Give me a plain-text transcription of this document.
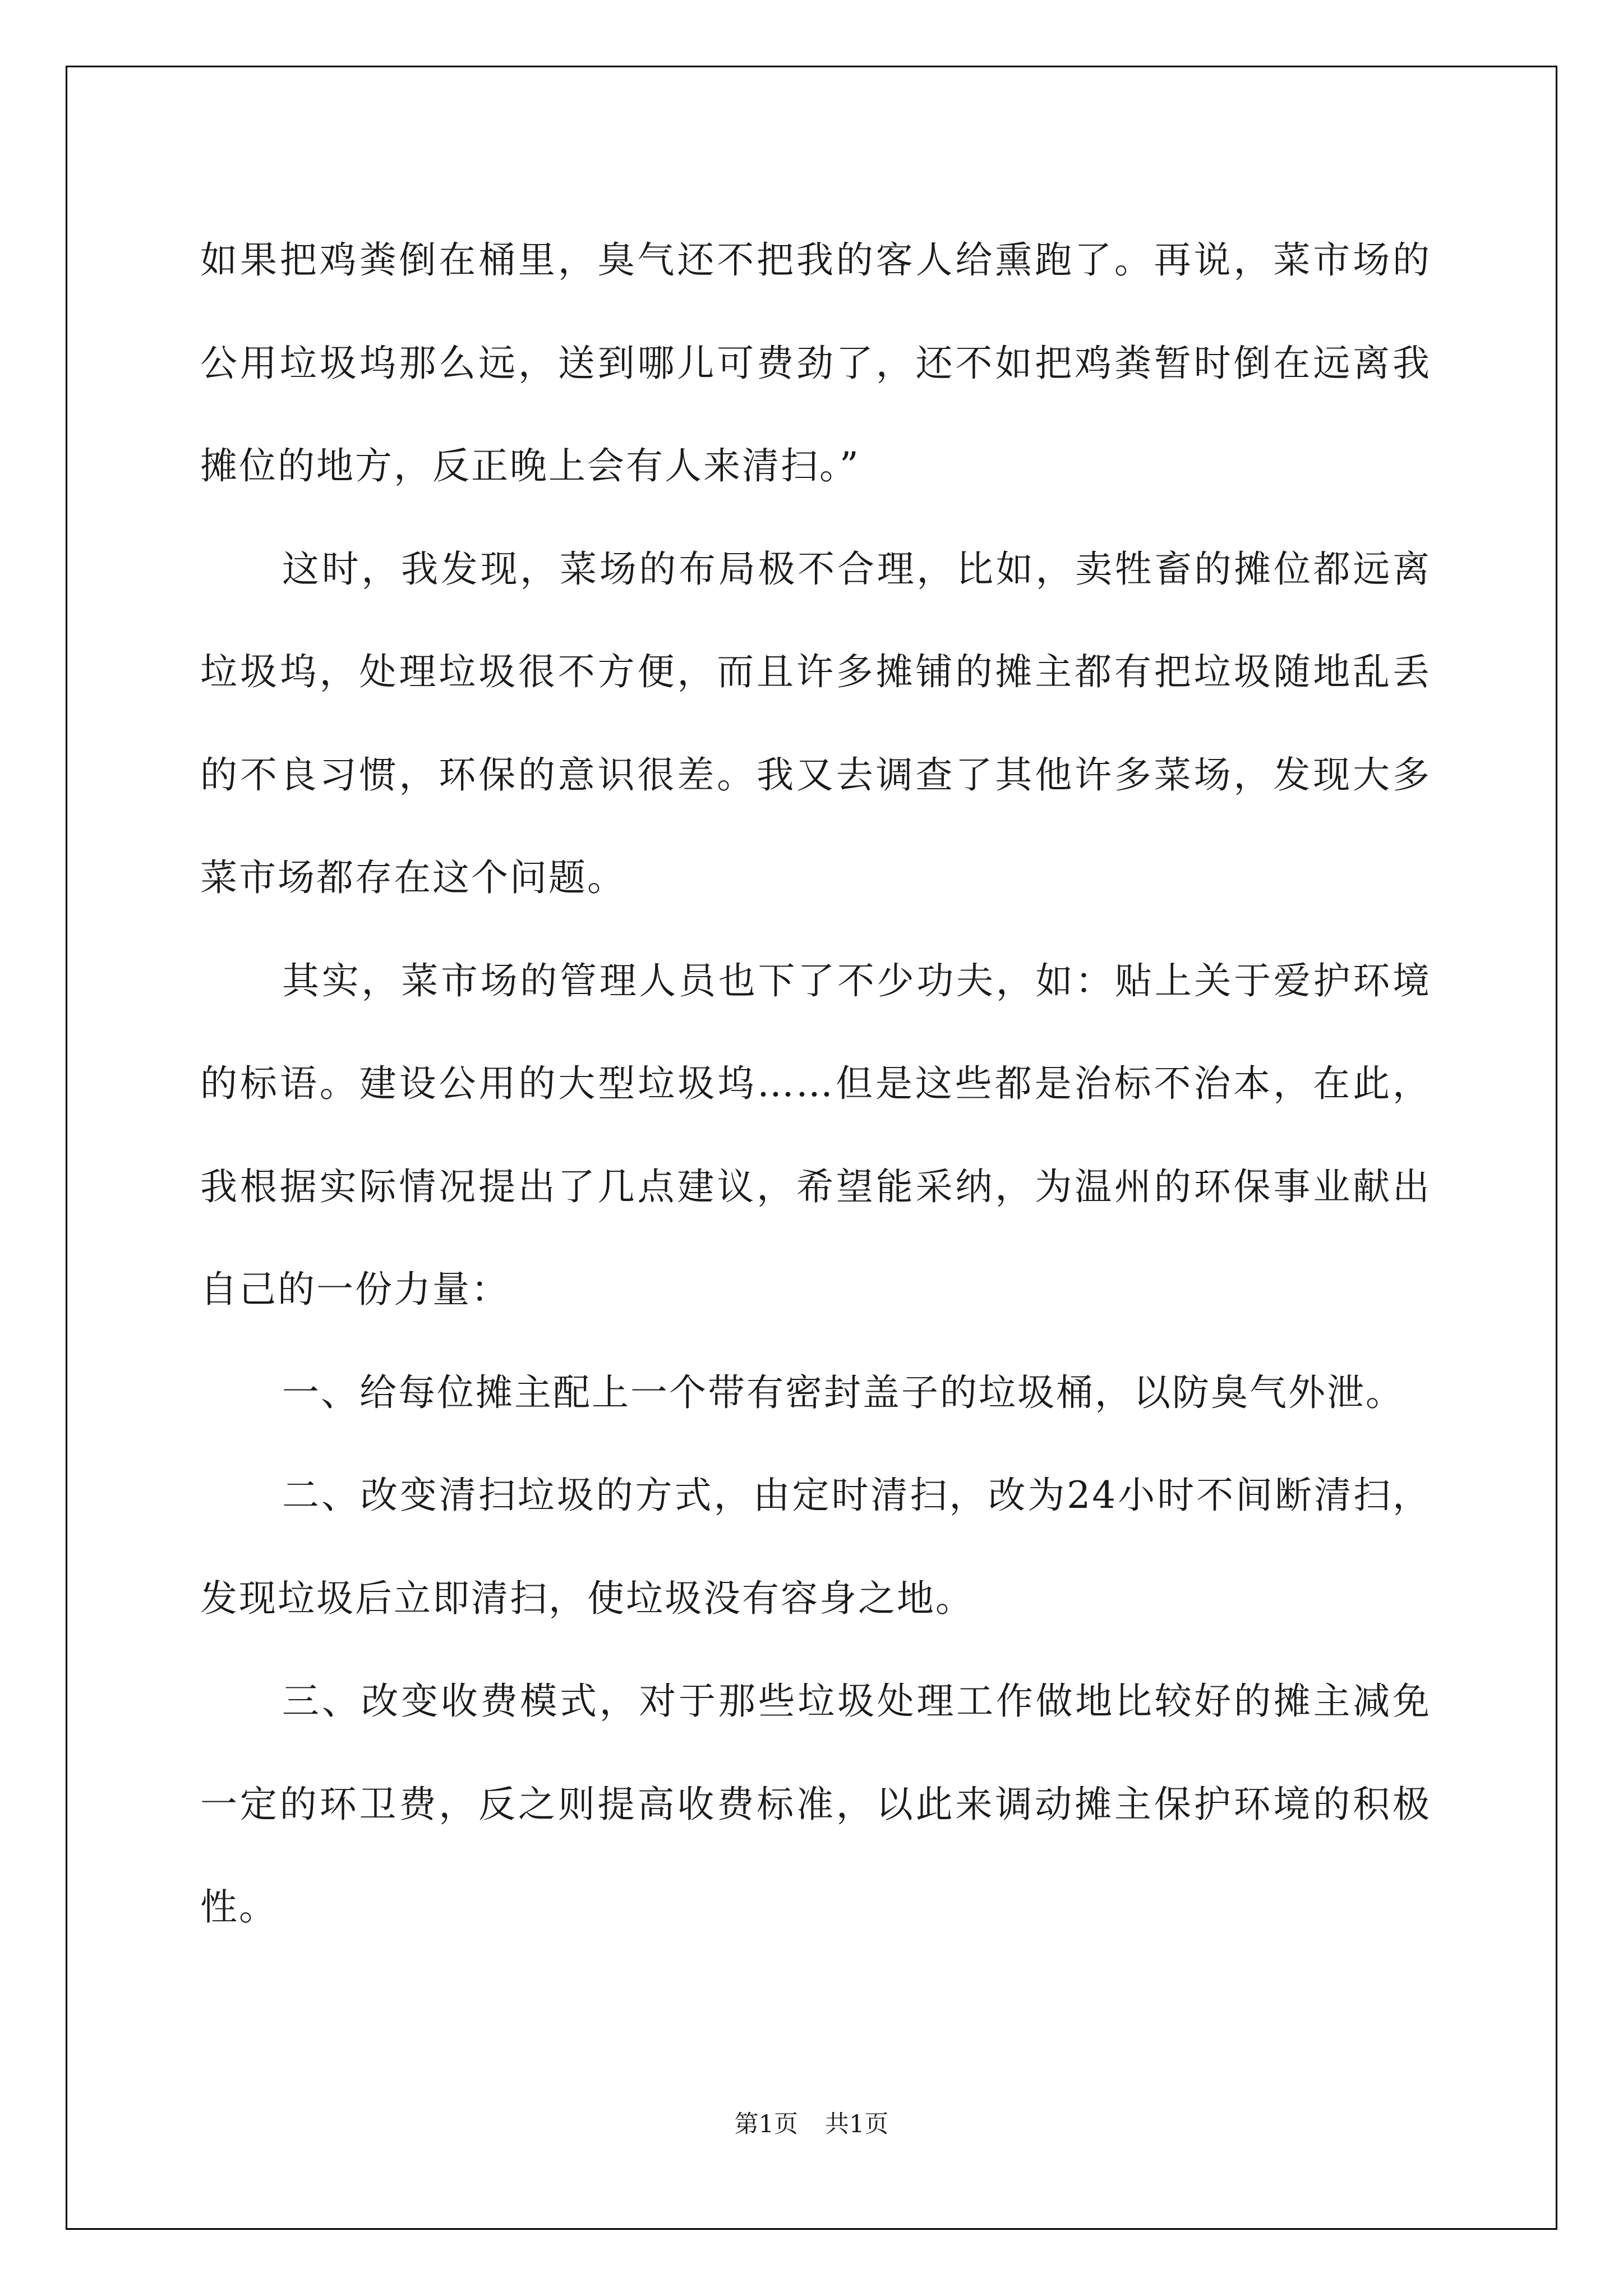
如果把鸡粪倒在桶里，臭气还不把我的客人给熏跑了。再说，菜市场的公用垃圾坞那么远，送到哪儿可费劲了，还不如把鸡粪暂时倒在远离我摊位的地方，反正晚上会有人来清扫。”

这时，我发现，菜场的布局极不合理，比如，卖牲畜的摊位都远离垃圾坞，处理垃圾很不方便，而且许多摊铺的摊主都有把垃圾随地乱丢的不良习惯，环保的意识很差。我又去调查了其他许多菜场，发现大多菜市场都存在这个问题。

其实，菜市场的管理人员也下了不少功夫，如：贴上关于爱护环境的标语。建设公用的大型垃圾坞……但是这些都是治标不治本，在此，我根据实际情况提出了几点建议，希望能采纳，为温州的环保事业献出自己的一份力量：

一、给每位摊主配上一个带有密封盖子的垃圾桶，以防臭气外泄。

二、改变清扫垃圾的方式，由定时清扫，改为24小时不间断清扫，发现垃圾后立即清扫，使垃圾没有容身之地。

三、改变收费模式，对于那些垃圾处理工作做地比较好的摊主减免一定的环卫费，反之则提高收费标准，以此来调动摊主保护环境的积极性。

第1页 共1页
